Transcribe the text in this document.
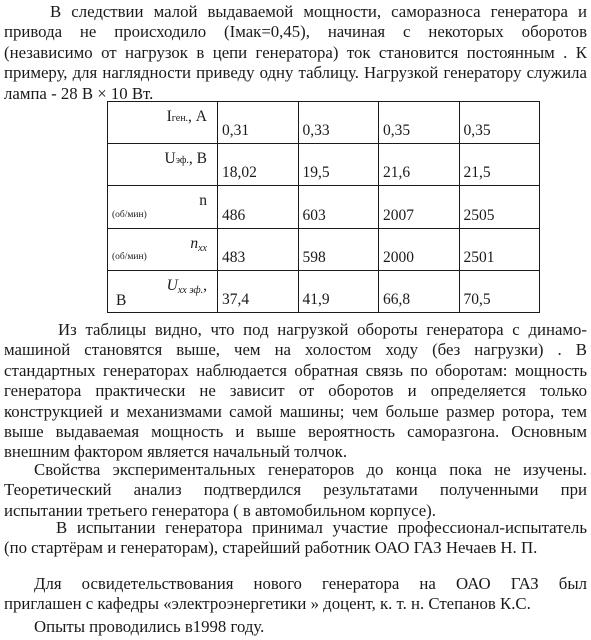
В следствии малой выдаваемой мощности, саморазноса генератора и
привода не происходило (Iмак=0,45), начиная с некоторых оборотов
(независимо от нагрузок в цепи генератора) ток становится постоянным . К
примеру, для наглядности приведу одну таблицу. Нагрузкой генератору служила
лампа - 28 В × 10 Вт.
Iген., А	0,31	0,33	0,35	0,35

Uэф., В	18,02	19,5	21,6	21,5

n
(об/мин)	486	603	2007	2505

$n_{хх}$
(об/мин)	483	598	2000	2501

$U_{хх эф.}$,
В	37,4	41,9	66,8	70,5
Из таблицы видно, что под нагрузкой обороты генератора с динамо-
машиной становятся выше, чем на холостом ходу (без нагрузки) . В
стандартных генераторах наблюдается обратная связь по оборотам: мощность
генератора практически не зависит от оборотов и определяется только
конструкцией и механизмами самой машины; чем больше размер ротора, тем
выше выдаваемая мощность и выше вероятность саморазгона. Основным
внешним фактором является начальный толчок.
Свойства экспериментальных генераторов до конца пока не изучены.
Теоретический анализ подтвердился результатами полученными при
испытании третьего генератора ( в автомобильном корпусе).
В испытании генератора принимал участие профессионал-испытатель
(по стартёрам и генераторам), старейший работник ОАО ГАЗ Нечаев Н. П.
Для освидетельствования нового генератора на ОАО ГАЗ был
приглашен с кафедры «электроэнергетики » доцент, к. т. н. Степанов К.С.
Опыты проводились в1998 году.
